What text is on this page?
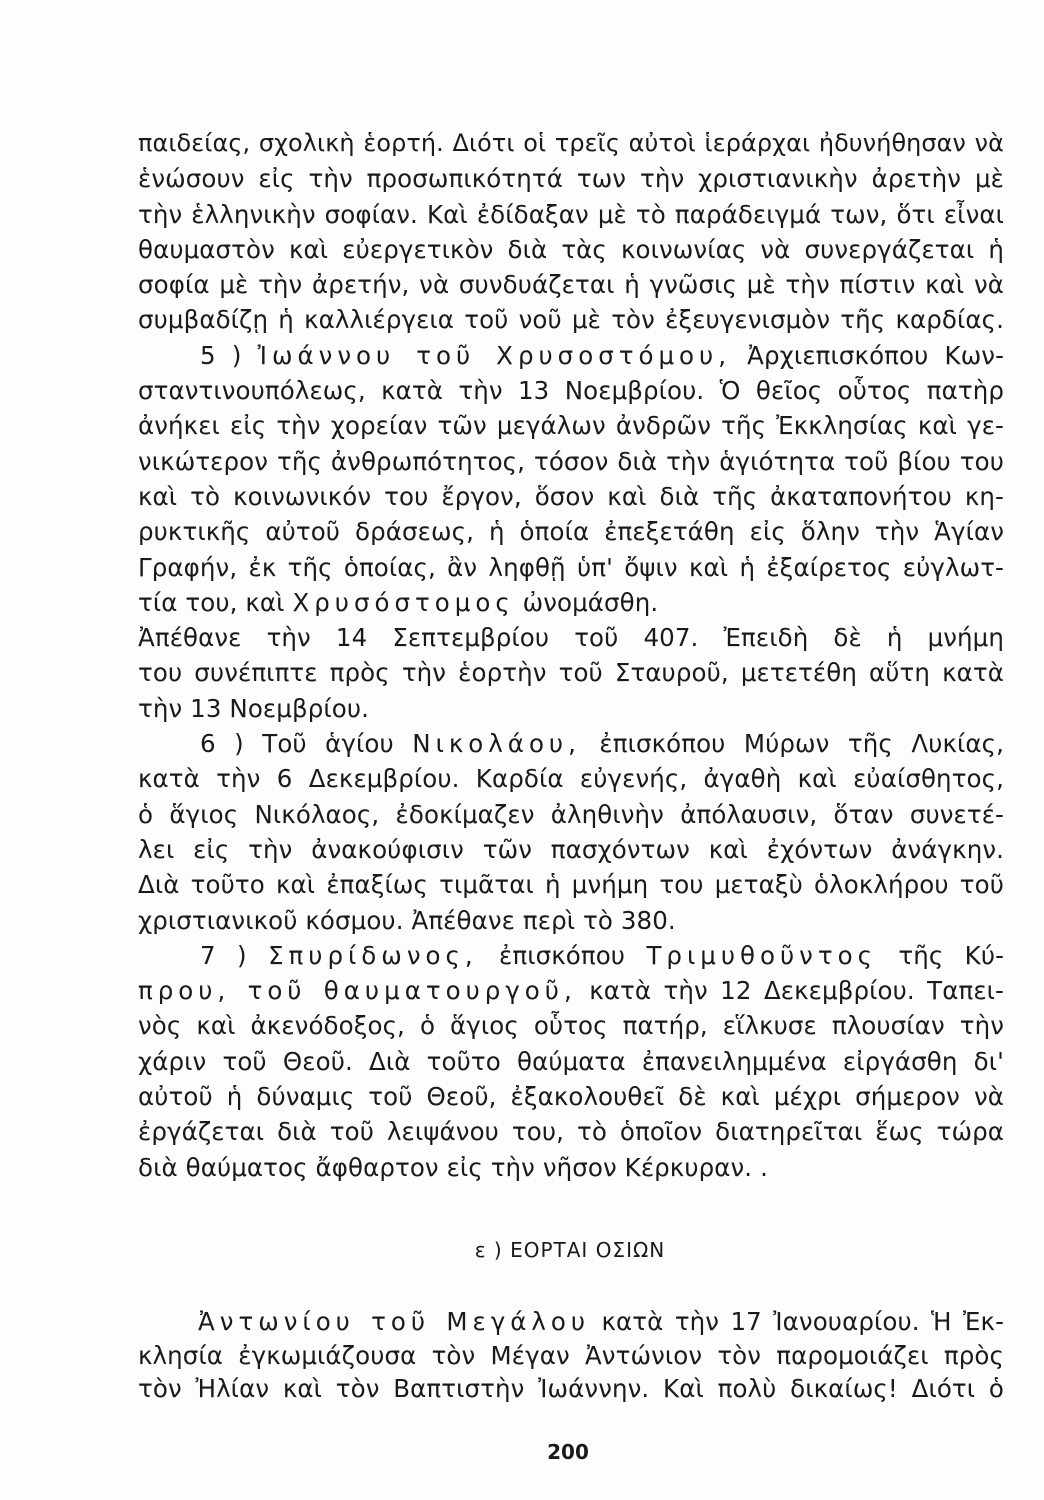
παιδείας, σχολικὴ ἑορτή. Διότι οἱ τρεῖς αὐτοὶ ἱεράρχαι ἠδυνήθησαν νὰ
ἑνώσουν εἰς τὴν προσωπικότητά των τὴν χριστιανικὴν ἀρετὴν μὲ
τὴν ἑλληνικὴν σοφίαν. Καὶ ἐδίδαξαν μὲ τὸ παράδειγμά των, ὅτι εἶναι
θαυμαστὸν καὶ εὐεργετικὸν διὰ τὰς κοινωνίας νὰ συνεργάζεται ἡ
σοφία μὲ τὴν ἀρετήν, νὰ συνδυάζεται ἡ γνῶσις μὲ τὴν πίστιν καὶ νὰ
συμβαδίζῃ ἡ καλλιέργεια τοῦ νοῦ μὲ τὸν ἐξευγενισμὸν τῆς καρδίας.
5 ) Ἰωάννου τοῦ Χρυσοστόμου, Ἀρχιεπισκόπου Κων-
σταντινουπόλεως, κατὰ τὴν 13 Νοεμβρίου. Ὁ θεῖος οὗτος πατὴρ
ἀνήκει εἰς τὴν χορείαν τῶν μεγάλων ἀνδρῶν τῆς Ἐκκλησίας καὶ γε-
νικώτερον τῆς ἀνθρωπότητος, τόσον διὰ τὴν ἁγιότητα τοῦ βίου του
καὶ τὸ κοινωνικόν του ἔργον, ὅσον καὶ διὰ τῆς ἀκαταπονήτου κη-
ρυκτικῆς αὐτοῦ δράσεως, ἡ ὁποία ἐπεξετάθη εἰς ὅλην τὴν Ἁγίαν
Γραφήν, ἐκ τῆς ὁποίας, ἂν ληφθῇ ὑπ' ὄψιν καὶ ἡ ἐξαίρετος εὐγλωτ-
τία του, καὶ Χρυσόστομος ὠνομάσθη.
Ἀπέθανε τὴν 14 Σεπτεμβρίου τοῦ 407. Ἐπειδὴ δὲ ἡ μνήμη
του συνέπιπτε πρὸς τὴν ἑορτὴν τοῦ Σταυροῦ, μετετέθη αὕτη κατὰ
τὴν 13 Νοεμβρίου.
6 ) Τοῦ ἁγίου Νικολάου, ἐπισκόπου Μύρων τῆς Λυκίας,
κατὰ τὴν 6 Δεκεμβρίου. Καρδία εὐγενής, ἀγαθὴ καὶ εὐαίσθητος,
ὁ ἅγιος Νικόλαος, ἐδοκίμαζεν ἀληθινὴν ἀπόλαυσιν, ὅταν συνετέ-
λει εἰς τὴν ἀνακούφισιν τῶν πασχόντων καὶ ἐχόντων ἀνάγκην.
Διὰ τοῦτο καὶ ἐπαξίως τιμᾶται ἡ μνήμη του μεταξὺ ὁλοκλήρου τοῦ
χριστιανικοῦ κόσμου. Ἀπέθανε περὶ τὸ 380.
7 ) Σπυρίδωνος, ἐπισκόπου Τριμυθοῦντος τῆς Κύ-
πρου, τοῦ θαυματουργοῦ, κατὰ τὴν 12 Δεκεμβρίου. Ταπει-
νὸς καὶ ἀκενόδοξος, ὁ ἅγιος οὗτος πατήρ, εἵλκυσε πλουσίαν τὴν
χάριν τοῦ Θεοῦ. Διὰ τοῦτο θαύματα ἐπανειλημμένα εἰργάσθη δι'
αὐτοῦ ἡ δύναμις τοῦ Θεοῦ, ἐξακολουθεῖ δὲ καὶ μέχρι σήμερον νὰ
ἐργάζεται διὰ τοῦ λειψάνου του, τὸ ὁποῖον διατηρεῖται ἕως τώρα
διὰ θαύματος ἄφθαρτον εἰς τὴν νῆσον Κέρκυραν. .
ε ) ΕΟΡΤΑΙ ΟΣΙΩΝ
Ἀντωνίου τοῦ Μεγάλου κατὰ τὴν 17 Ἰανουαρίου. Ἡ Ἐκ-
κλησία ἐγκωμιάζουσα τὸν Μέγαν Ἀντώνιον τὸν παρομοιάζει πρὸς
τὸν Ἠλίαν καὶ τὸν Βαπτιστὴν Ἰωάννην. Καὶ πολὺ δικαίως! Διότι ὁ
200
